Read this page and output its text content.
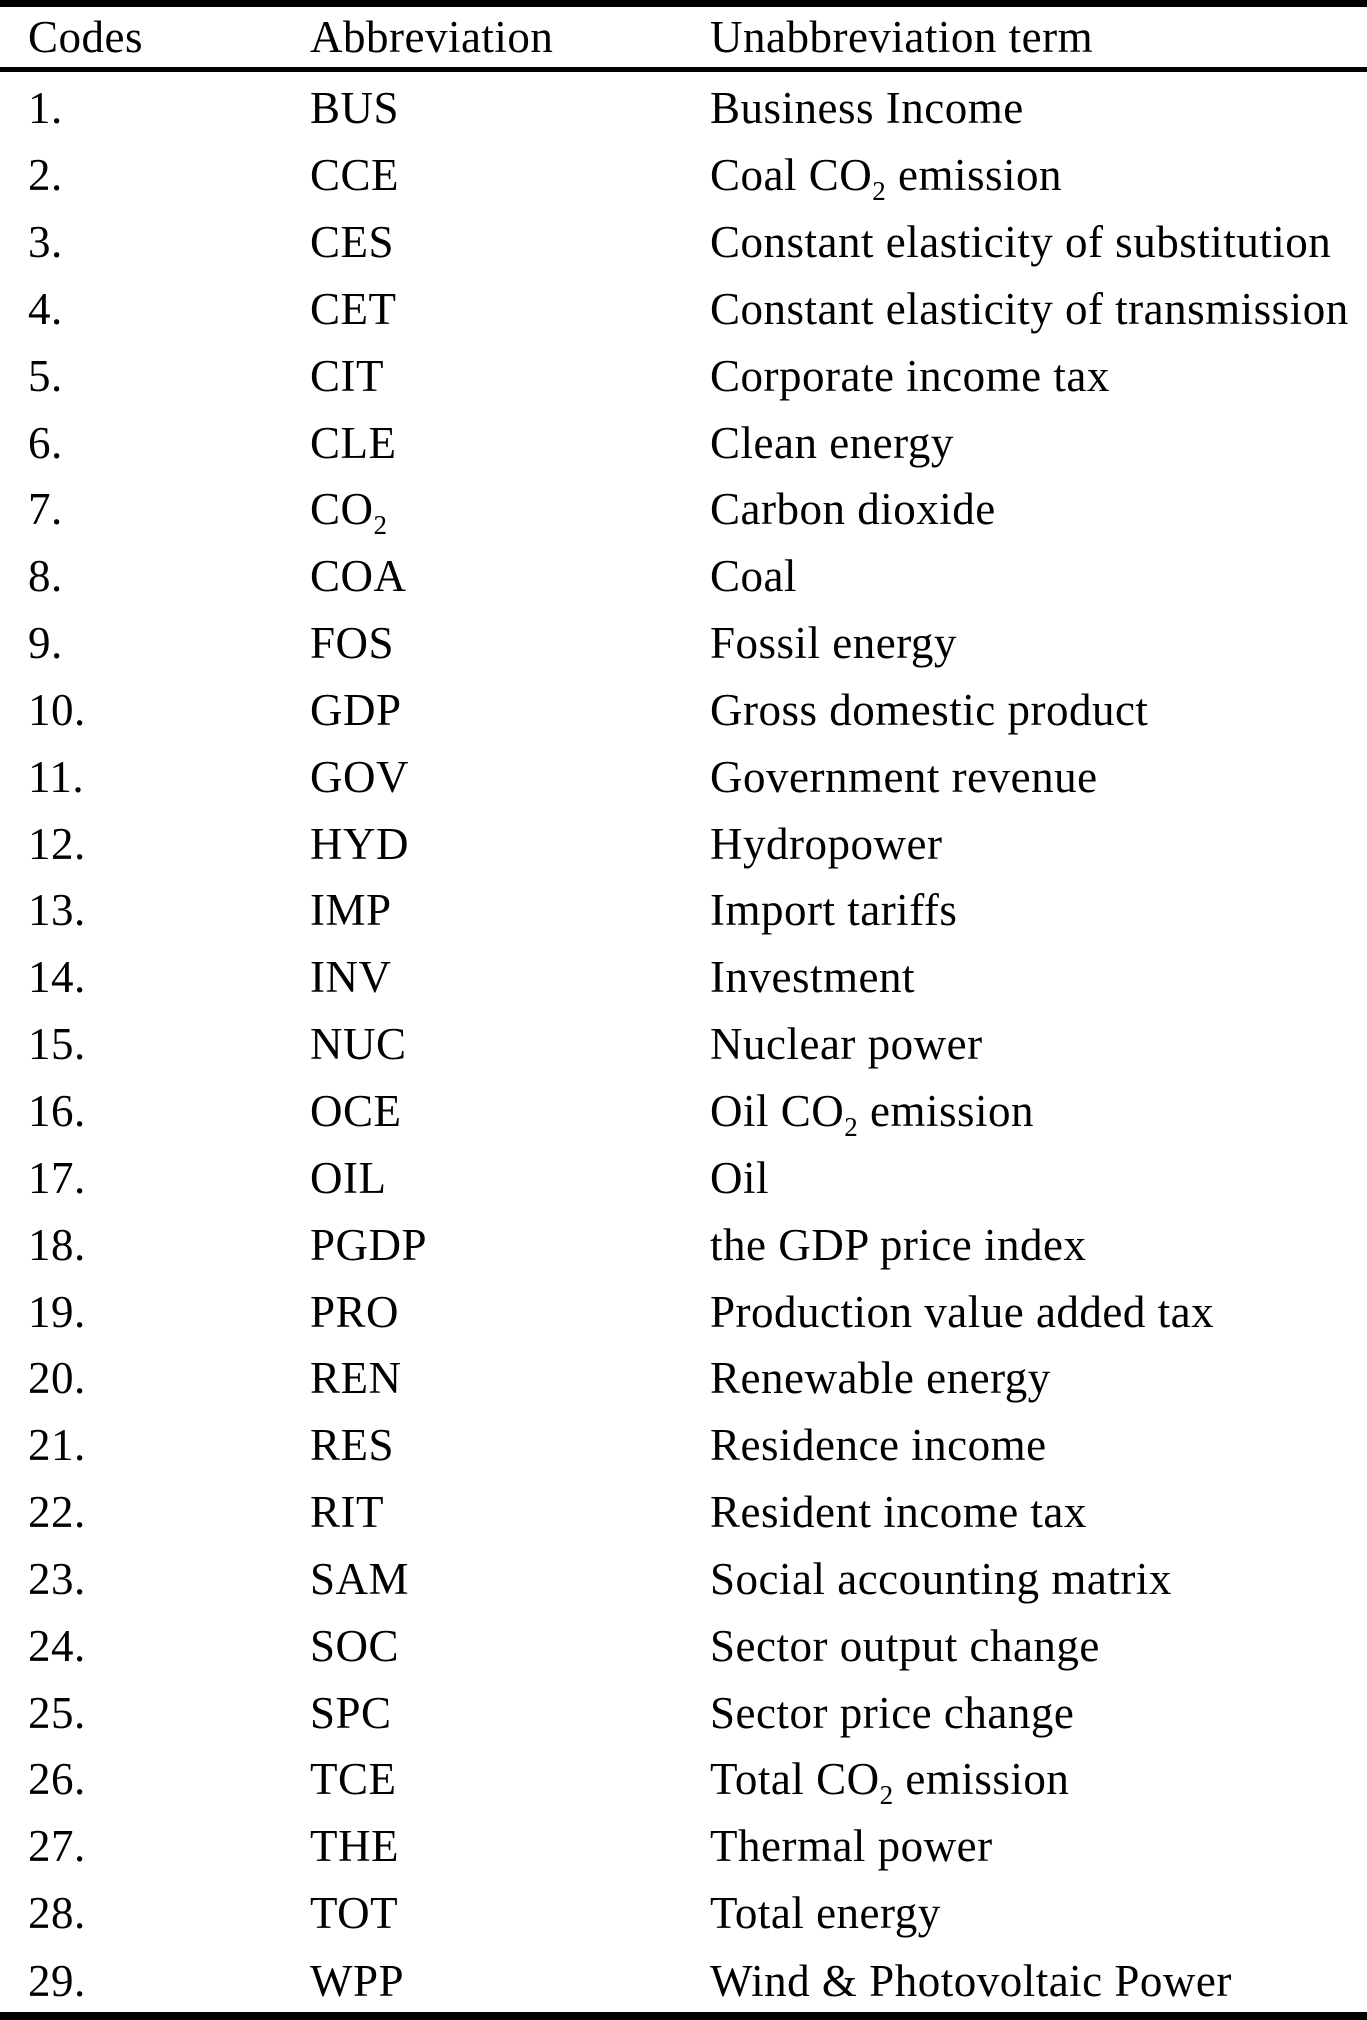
Codes	Abbreviation	Unabbreviation term
1.	BUS	Business Income
2.	CCE	Coal $CO_2$ emission
3.	CES	Constant elasticity of substitution
4.	CET	Constant elasticity of transmission
5.	CIT	Corporate income tax
6.	CLE	Clean energy
7.	$CO_2$	Carbon dioxide
8.	COA	Coal
9.	FOS	Fossil energy
10.	GDP	Gross domestic product
11.	GOV	Government revenue
12.	HYD	Hydropower
13.	IMP	Import tariffs
14.	INV	Investment
15.	NUC	Nuclear power
16.	OCE	Oil $CO_2$ emission
17.	OIL	Oil
18.	PGDP	the GDP price index
19.	PRO	Production value added tax
20.	REN	Renewable energy
21.	RES	Residence income
22.	RIT	Resident income tax
23.	SAM	Social accounting matrix
24.	SOC	Sector output change
25.	SPC	Sector price change
26.	TCE	Total $CO_2$ emission
27.	THE	Thermal power
28.	TOT	Total energy
29.	WPP	Wind & Photovoltaic Power
